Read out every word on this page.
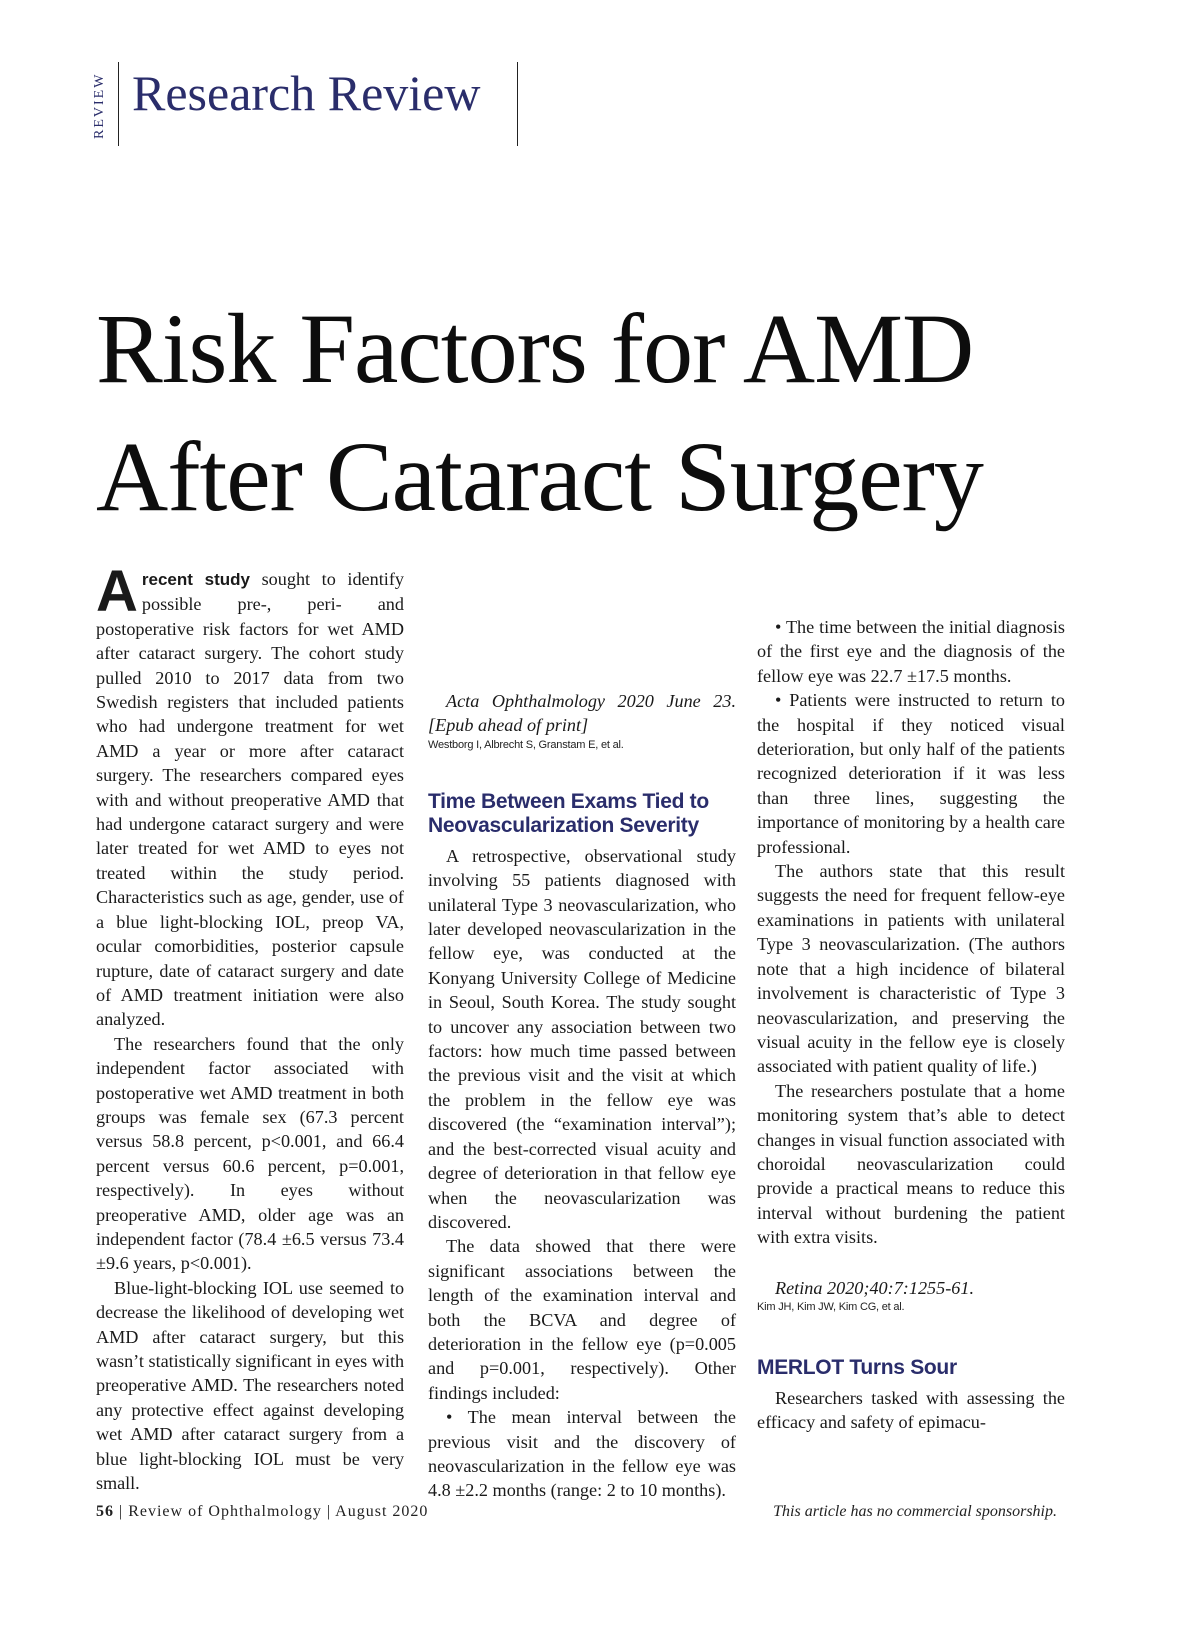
REVIEW Research Review
Risk Factors for AMD
After Cataract Surgery

Arecent study sought to identify possible pre-, peri- and postoperative risk factors for wet AMD after cataract surgery. The cohort study pulled 2010 to 2017 data from two Swedish registers that included patients who had undergone treatment for wet AMD a year or more after cataract surgery. The researchers compared eyes with and without preoperative AMD that had undergone cataract surgery and were later treated for wet AMD to eyes not treated within the study period. Characteristics such as age, gender, use of a blue light-blocking IOL, preop VA, ocular comorbidities, posterior capsule rupture, date of cataract surgery and date of AMD treatment initiation were also analyzed.

The researchers found that the only independent factor associated with postoperative wet AMD treatment in both groups was female sex (67.3 percent versus 58.8 percent, p<0.001, and 66.4 percent versus 60.6 percent, p=0.001, respectively). In eyes without preoperative AMD, older age was an independent factor (78.4 ±6.5 versus 73.4 ±9.6 years, p<0.001).

Blue-light-blocking IOL use seemed to decrease the likelihood of developing wet AMD after cataract surgery, but this wasn’t statistically significant in eyes with preoperative AMD. The researchers noted any protective effect against developing wet AMD after cataract surgery from a blue light-blocking IOL must be very small.

Acta Ophthalmology 2020 June 23. [Epub ahead of print]

Westborg I, Albrecht S, Granstam E, et al.

Time Between Exams Tied to Neovascularization Severity

A retrospective, observational study involving 55 patients diagnosed with unilateral Type 3 neovascularization, who later developed neovascularization in the fellow eye, was conducted at the Konyang University College of Medicine in Seoul, South Korea. The study sought to uncover any association between two factors: how much time passed between the previous visit and the visit at which the problem in the fellow eye was discovered (the “examination interval”); and the best-corrected visual acuity and degree of deterioration in that fellow eye when the neovascularization was discovered.

The data showed that there were significant associations between the length of the examination interval and both the BCVA and degree of deterioration in the fellow eye (p=0.005 and p=0.001, respectively). Other findings included:

• The mean interval between the previous visit and the discovery of neovascularization in the fellow eye was 4.8 ±2.2 months (range: 2 to 10 months).

• The time between the initial diagnosis of the first eye and the diagnosis of the fellow eye was 22.7 ±17.5 months.

• Patients were instructed to return to the hospital if they noticed visual deterioration, but only half of the patients recognized deterioration if it was less than three lines, suggesting the importance of monitoring by a health care professional.

The authors state that this result suggests the need for frequent fellow-eye examinations in patients with unilateral Type 3 neovascularization. (The authors note that a high incidence of bilateral involvement is characteristic of Type 3 neovascularization, and preserving the visual acuity in the fellow eye is closely associated with patient quality of life.)

The researchers postulate that a home monitoring system that’s able to detect changes in visual function associated with choroidal neovascularization could provide a practical means to reduce this interval without burdening the patient with extra visits.

Retina 2020;40:7:1255-61.

Kim JH, Kim JW, Kim CG, et al.

MERLOT Turns Sour

Researchers tasked with assessing the efficacy and safety of epimacu-

56 | Review of Ophthalmology | August 2020	This article has no commercial sponsorship.
